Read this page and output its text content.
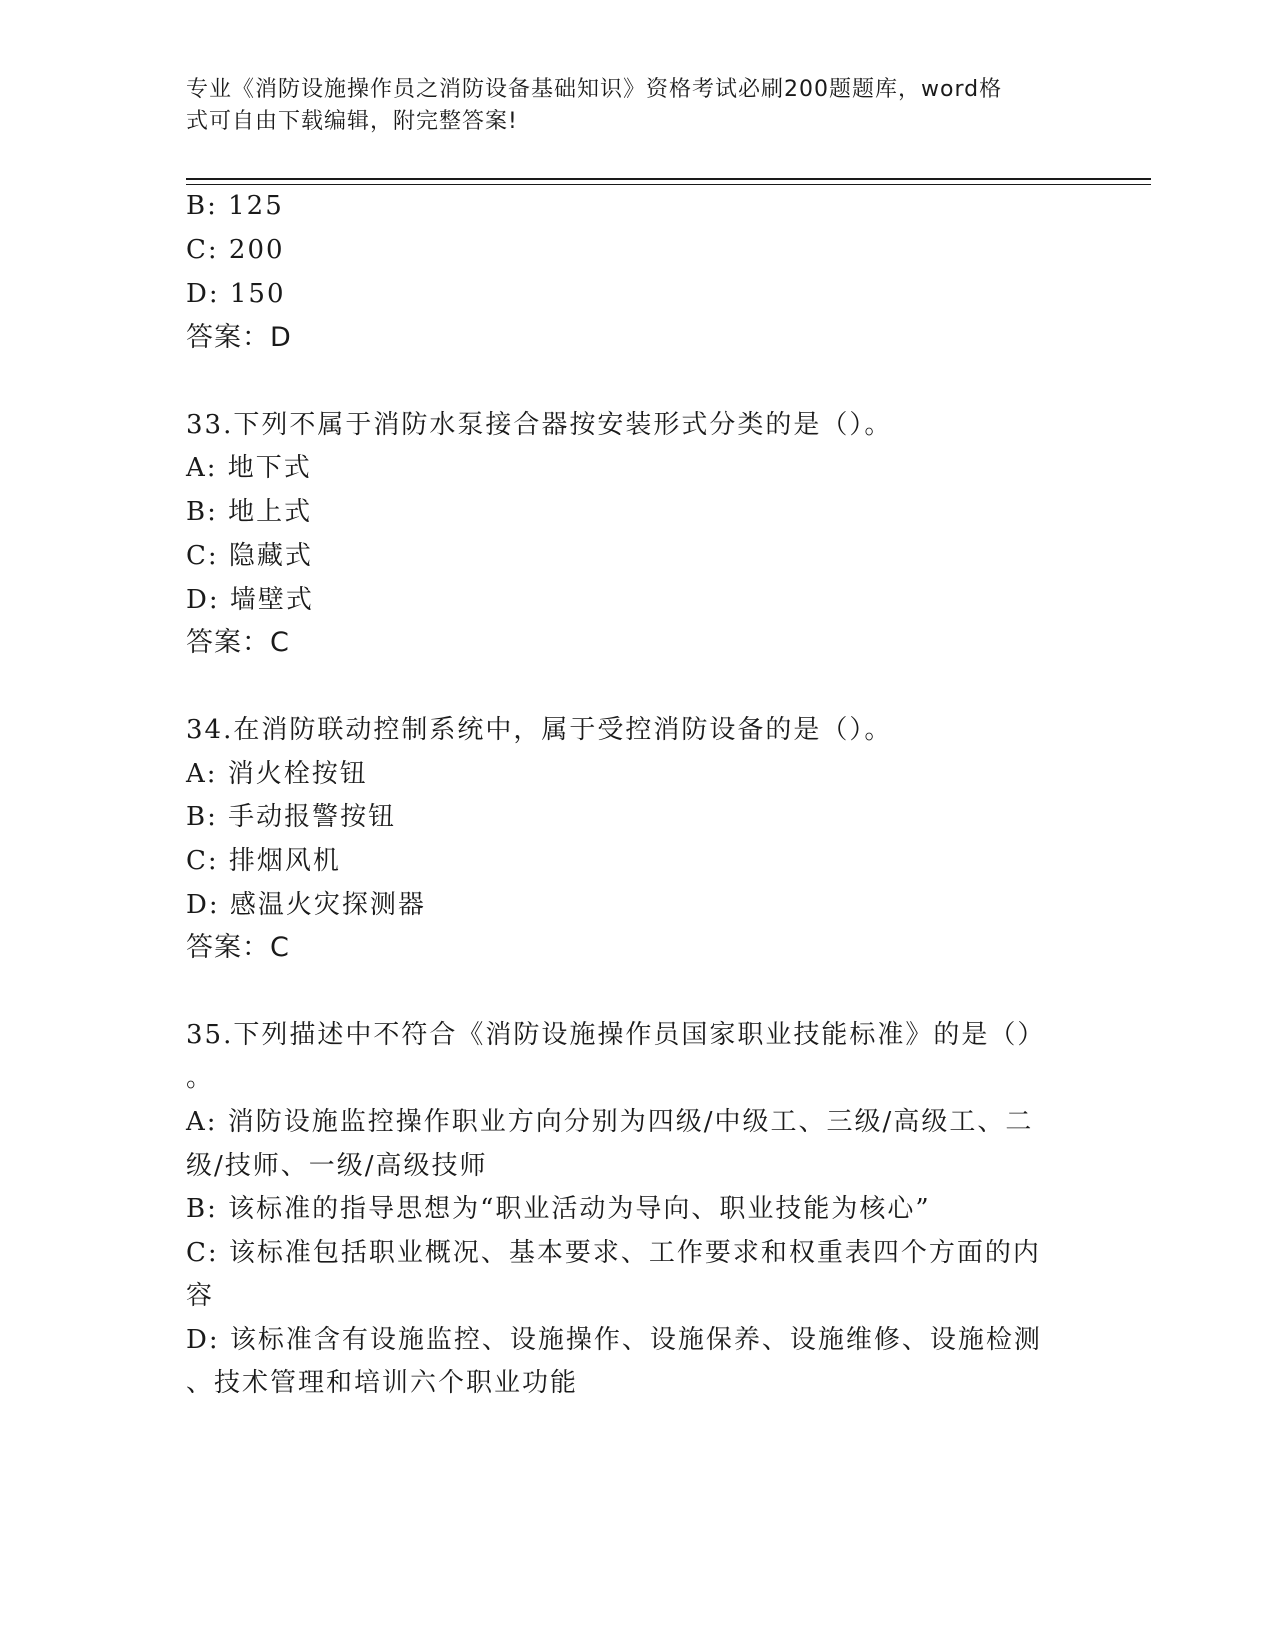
专业《消防设施操作员之消防设备基础知识》资格考试必刷200题题库，word格
式可自由下载编辑，附完整答案!
B: 125
C: 200
D: 150
答案：D
33.下列不属于消防水泵接合器按安装形式分类的是（）。
A: 地下式
B: 地上式
C: 隐藏式
D: 墙壁式
答案：C
34.在消防联动控制系统中，属于受控消防设备的是（）。
A: 消火栓按钮
B: 手动报警按钮
C: 排烟风机
D: 感温火灾探测器
答案：C
35.下列描述中不符合《消防设施操作员国家职业技能标准》的是（）
。
A: 消防设施监控操作职业方向分别为四级/中级工、三级/高级工、二
级/技师、一级/高级技师
B: 该标准的指导思想为“职业活动为导向、职业技能为核心”
C: 该标准包括职业概况、基本要求、工作要求和权重表四个方面的内
容
D: 该标准含有设施监控、设施操作、设施保养、设施维修、设施检测
、技术管理和培训六个职业功能
